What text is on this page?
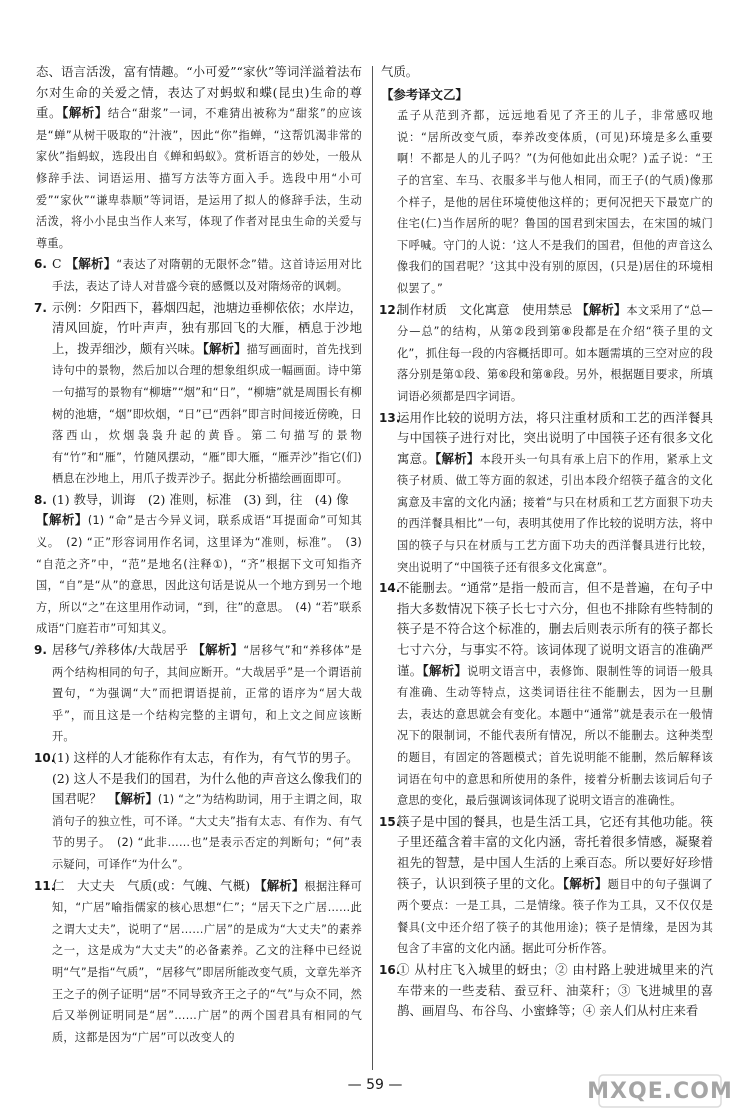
态、语言活泼，富有情趣。“小可爱”“家伙”等词洋溢着法布尔对生命的关爱之情，表达了对蚂蚁和蝶(昆虫)生命的尊重。【解析】结合“甜浆”一词，不难猜出被称为“甜浆”的应该是“蝉”从树干吸取的“汁液”，因此“你”指蝉，“这帮饥渴非常的家伙”指蚂蚁，选段出自《蝉和蚂蚁》。赏析语言的妙处，一般从修辞手法、词语运用、描写方法等方面入手。选段中用“小可爱”“家伙”“谦卑恭顺”等词语，是运用了拟人的修辞手法，生动活泼，将小小昆虫当作人来写，体现了作者对昆虫生命的关爱与尊重。
6. C 【解析】“表达了对隋朝的无限怀念”错。这首诗运用对比手法，表达了诗人对昔盛今衰的感慨以及对隋炀帝的讽刺。
7. 示例：夕阳西下，暮烟四起，池塘边垂柳依依；水岸边，清风回旋，竹叶声声，独有那回飞的大雁，栖息于沙地上，拨弄细沙，颇有兴味。【解析】描写画面时，首先找到诗句中的景物，然后加以合理的想象组织成一幅画面。诗中第一句描写的景物有“柳塘”“烟”和“日”，“柳塘”就是周围长有柳树的池塘，“烟”即炊烟，“日”已“西斜”即言时间接近傍晚，日落西山，炊烟袅袅升起的黄昏。第二句描写的景物有“竹”和“雁”，竹随风摆动，“雁”即大雁，“雁弄沙”指它(们)栖息在沙地上，用爪子拨弄沙子。据此分析描绘画面即可。
8. (1) 教导，训诲　(2) 准则，标准　(3) 到，往　(4) 像
【解析】(1) “命”是古今异义词，联系成语“耳提面命”可知其义。　(2) “正”形容词用作名词，这里译为“准则，标准”。　(3) “自范之齐”中，“范”是地名(注释①)，“齐”根据下文可知指齐国，“自”是“从”的意思，因此这句话是说从一个地方到另一个地方，所以“之”在这里用作动词，“到，往”的意思。　(4) “若”联系成语“门庭若市”可知其义。
9. 居移气/养移体/大哉居乎 【解析】“居移气”和“养移体”是两个结构相同的句子，其间应断开。“大哉居乎”是一个谓语前置句，“为强调“大”而把谓语提前，正常的语序为“居大哉乎”，而且这是一个结构完整的主谓句，和上文之间应该断开。
10.
(1) 这样的人才能称作有太志，有作为，有气节的男子。
(2) 这人不是我们的国君，为什么他的声音这么像我们的国君呢？　【解析】(1) “之”为结构助词，用于主谓之间，取消句子的独立性，可不译。“大丈夫”指有太志、有作为、有气节的男子。　(2) “此非……也”是表示否定的判断句；“何”表示疑问，可译作“为什么”。
11.
仁　大丈夫　气质(或：气魄、气概) 【解析】根据注释可知，“广居”喻指儒家的核心思想“仁”；“居天下之广居……此之谓大丈夫”，说明了“居……广居”的是成为“大丈夫”的素养之一，这是成为“大丈夫”的必备素养。乙文的注释中已经说明“气”是指“气质”，“居移气”即居所能改变气质，文章先举齐王之子的例子证明“居”不同导致齐王之子的“气”与众不同，然后又举例证明同是“居”……广居”的两个国君具有相同的气质，这都是因为“广居”可以改变人的
气质。
【参考译文乙】
孟子从范到齐都，远远地看见了齐王的儿子，非常感叹地说：“居所改变气质，奉养改变体质，(可见)环境是多么重要啊！不都是人的儿子吗？”(为何他如此出众呢？)孟子说：“王子的宫室、车马、衣服多半与他人相同，而王子(的气质)像那个样子，是他的居住环境使他这样的；更何况把天下最宽广的住宅(仁)当作居所的呢？鲁国的国君到宋国去，在宋国的城门下呼喊。守门的人说：‘这人不是我们的国君，但他的声音这么像我们的国君呢？’这其中没有别的原因，(只是)居住的环境相似罢了。”
12.
制作材质　文化寓意　使用禁忌 【解析】本文采用了“总—分—总”的结构，从第②段到第⑧段都是在介绍“筷子里的文化”，抓住每一段的内容概括即可。如本题需填的三空对应的段落分别是第①段、第⑥段和第⑧段。另外，根据题目要求，所填词语必须都是四字词语。
13.
运用作比较的说明方法，将只注重材质和工艺的西洋餐具与中国筷子进行对比，突出说明了中国筷子还有很多文化寓意。【解析】本段开头一句具有承上启下的作用，紧承上文筷子材质、做工等方面的叙述，引出本段介绍筷子蕴含的文化寓意及丰富的文化内涵；接着“与只在材质和工艺方面狠下功夫的西洋餐具相比”一句，表明其使用了作比较的说明方法，将中国的筷子与只在材质与工艺方面下功夫的西洋餐具进行比较，突出说明了“中国筷子还有很多文化寓意”。
14.
不能删去。“通常”是指一般而言，但不是普遍，在句子中指大多数情况下筷子长七寸六分，但也不排除有些特制的筷子是不符合这个标准的，删去后则表示所有的筷子都长七寸六分，与事实不符。该词体现了说明文语言的准确严谨。【解析】说明文语言中，表修饰、限制性等的词语一般具有准确、生动等特点，这类词语往往不能删去，因为一旦删去，表达的意思就会有变化。本题中“通常”就是表示在一般情况下的限制词，不能代表所有情况，所以不能删去。这种类型的题目，有固定的答题模式；首先说明能不能删，然后解释该词语在句中的意思和所使用的条件，接着分析删去该词后句子意思的变化，最后强调该词体现了说明文语言的准确性。
15.
筷子是中国的餐具，也是生活工具，它还有其他功能。筷子里还蕴含着丰富的文化内涵，寄托着很多情感，凝聚着祖先的智慧，是中国人生活的上乘百态。所以要好好珍惜筷子，认识到筷子里的文化。【解析】题目中的句子强调了两个要点：一是工具，二是情缘。筷子作为工具，又不仅仅是餐具(文中还介绍了筷子的其他用途)；筷子是情缘，是因为其包含了丰富的文化内涵。据此可分析作答。
16.
① 从村庄飞入城里的蚜虫；② 由村路上驶进城里来的汽车带来的一些麦秸、蚕豆秆、油菜秆；③ 飞进城里的喜鹊、画眉鸟、布谷鸟、小蜜蜂等；④ 亲人们从村庄来看
— 59 —	MXQE.COM
